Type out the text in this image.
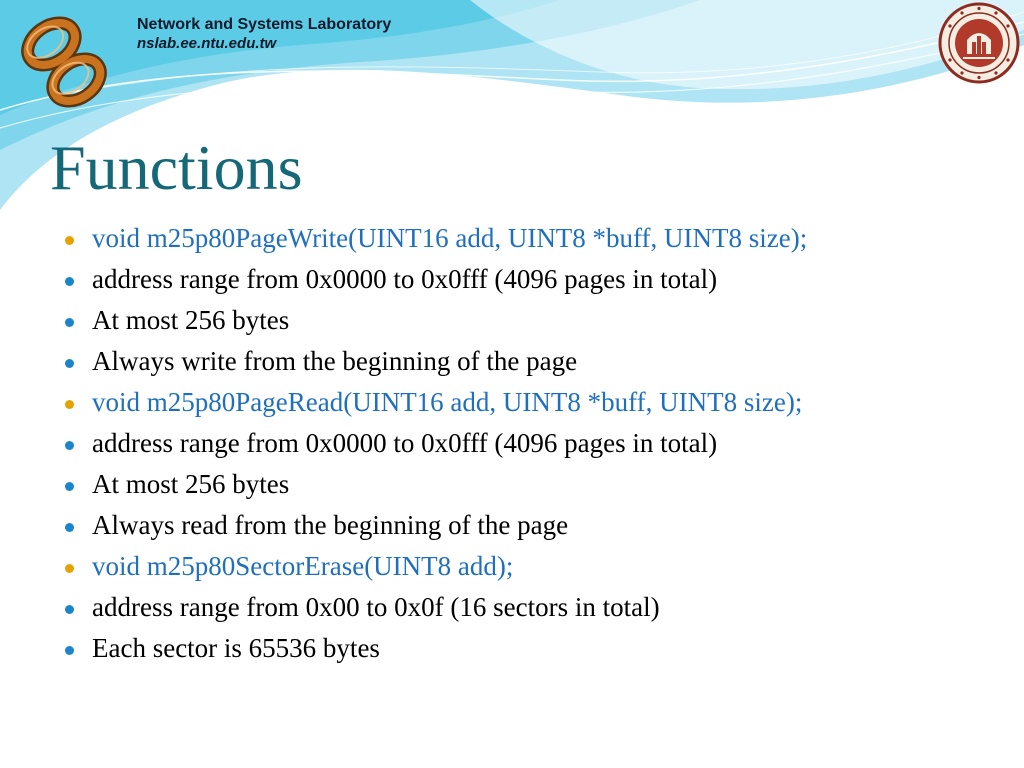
Network and Systems Laboratory
nslab.ee.ntu.edu.tw
Functions
void m25p80PageWrite(UINT16 add, UINT8 *buff, UINT8 size);
address range from 0x0000 to 0x0fff (4096 pages in total)
At most 256 bytes
Always write from the beginning of the page
void m25p80PageRead(UINT16 add, UINT8 *buff, UINT8 size);
address range from 0x0000 to 0x0fff (4096 pages in total)
At most 256 bytes
Always read from the beginning of the page
void m25p80SectorErase(UINT8 add);
address range from 0x00 to 0x0f (16 sectors in total)
Each sector is 65536 bytes
